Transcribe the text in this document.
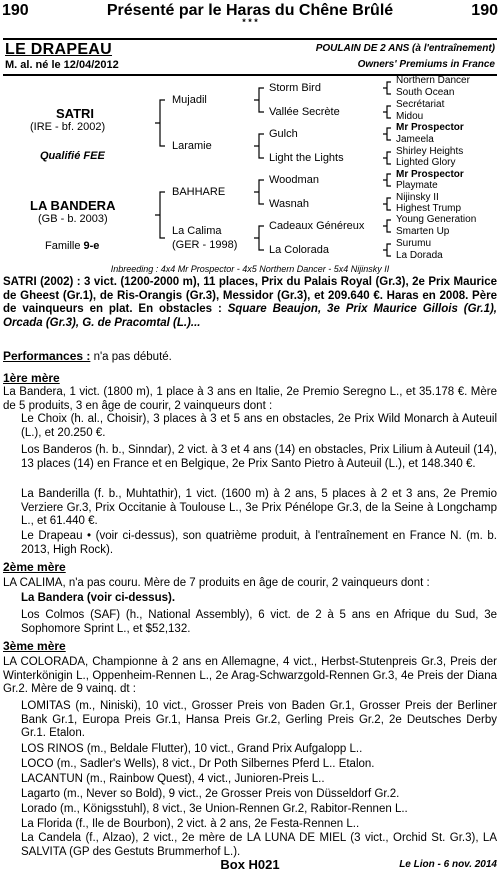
190	Présenté par le Haras du Chêne Brûlé	190
* * *
LE DRAPEAU	POULAIN DE 2 ANS (à l'entraînement)
M. al. né le 12/04/2012	Owners' Premiums in France
SATRI
(IRE - bf. 2002)
Qualifié FEE
LA BANDERA
(GB - b. 2003)
Famille 9-e
Mujadil
Laramie
BAHHARE
La Calima
(GER - 1998)
Storm Bird
Vallée Secrète
Gulch
Light the Lights
Woodman
Wasnah
Cadeaux Généreux
La Colorada
Northern Dancer
South Ocean
Secrétariat
Midou
Mr Prospector
Jameela
Shirley Heights
Lighted Glory
Mr Prospector
Playmate
Nijinsky II
Highest Trump
Young Generation
Smarten Up
Surumu
La Dorada
Inbreeding : 4x4 Mr Prospector - 4x5 Northern Dancer - 5x4 Nijinsky II
SATRI (2002) : 3 vict. (1200-2000 m), 11 places, Prix du Palais Royal (Gr.3), 2e Prix Maurice de Gheest (Gr.1), de Ris-Orangis (Gr.3), Messidor (Gr.3), et 209.640 €. Haras en 2008. Père de vainqueurs en plat. En obstacles : Square Beaujon, 3e Prix Maurice Gillois (Gr.1), Orcada (Gr.3), G. de Pracomtal (L.)...
Performances : n'a pas débuté.
1ère mère
La Bandera, 1 vict. (1800 m), 1 place à 3 ans en Italie, 2e Premio Seregno L., et 35.178 €. Mère de 5 produits, 3 en âge de courir, 2 vainqueurs dont :
Le Choix (h. al., Choisir), 3 places à 3 et 5 ans en obstacles, 2e Prix Wild Monarch à Auteuil (L.), et 20.250 €.
Los Banderos (h. b., Sinndar), 2 vict. à 3 et 4 ans (14) en obstacles, Prix Lilium à Auteuil (14), 13 places (14) en France et en Belgique, 2e Prix Santo Pietro à Auteuil (L.), et 148.340 €.
La Banderilla (f. b., Muhtathir), 1 vict. (1600 m) à 2 ans, 5 places à 2 et 3 ans, 2e Premio Verziere Gr.3, Prix Occitanie à Toulouse L., 3e Prix Pénélope Gr.3, de la Seine à Longchamp L., et 61.440 €.
Le Drapeau • (voir ci-dessus), son quatrième produit, à l'entraînement en France N. (m. b. 2013, High Rock).
2ème mère
LA CALIMA, n'a pas couru. Mère de 7 produits en âge de courir, 2 vainqueurs dont :
La Bandera (voir ci-dessus).
Los Colmos (SAF) (h., National Assembly), 6 vict. de 2 à 5 ans en Afrique du Sud, 3e Sophomore Sprint L., et $52,132.
3ème mère
LA COLORADA, Championne à 2 ans en Allemagne, 4 vict., Herbst-Stutenpreis Gr.3, Preis der Winterkönigin L., Oppenheim-Rennen L., 2e Arag-Schwarzgold-Rennen Gr.3, 4e Preis der Diana Gr.2. Mère de 9 vainq. dt :
LOMITAS (m., Niniski), 10 vict., Grosser Preis von Baden Gr.1, Grosser Preis der Berliner Bank Gr.1, Europa Preis Gr.1, Hansa Preis Gr.2, Gerling Preis Gr.2, 2e Deutsches Derby Gr.1. Etalon.
LOS RINOS (m., Beldale Flutter), 10 vict., Grand Prix Aufgalopp L..
LOCO (m., Sadler's Wells), 8 vict., Dr Poth Silbernes Pferd L.. Etalon.
LACANTUN (m., Rainbow Quest), 4 vict., Junioren-Preis L..
Lagarto (m., Never so Bold), 9 vict., 2e Grosser Preis von Düsseldorf Gr.2.
Lorado (m., Königsstuhl), 8 vict., 3e Union-Rennen Gr.2, Rabitor-Rennen L..
La Florida (f., Ile de Bourbon), 2 vict. à 2 ans, 2e Festa-Rennen L..
La Candela (f., Alzao), 2 vict., 2e mère de LA LUNA DE MIEL (3 vict., Orchid St. Gr.3), LA SALVITA (GP des Gestuts Brummerhof L.).
Box H021	Le Lion - 6 nov. 2014
